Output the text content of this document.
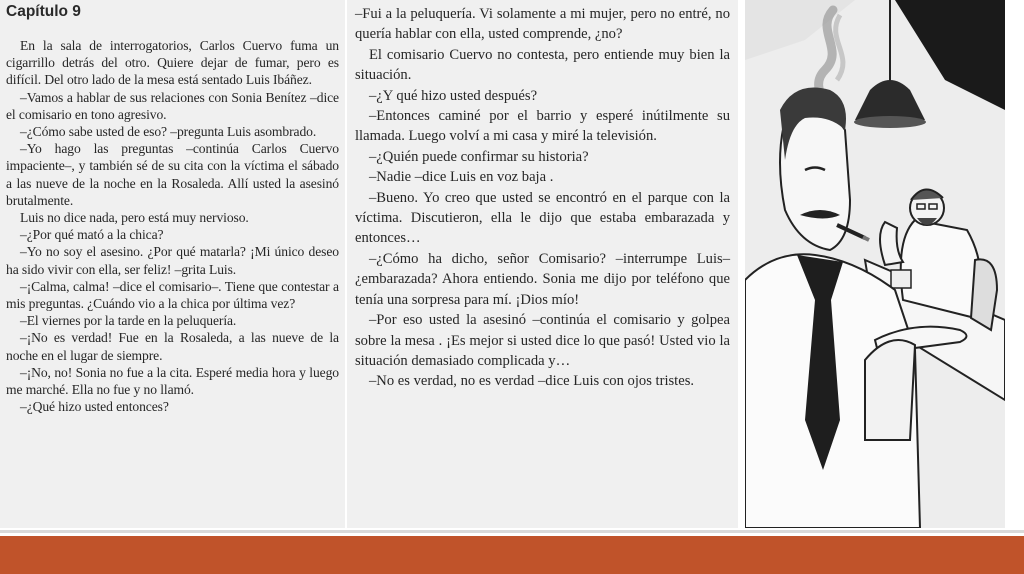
Capítulo 9

En la sala de interrogatorios, Carlos Cuervo fuma un cigarrillo detrás del otro. Quiere dejar de fumar, pero es difícil. Del otro lado de la mesa está sentado Luis Ibáñez.

–Vamos a hablar de sus relaciones con Sonia Benítez –dice el comisario en tono agresivo.

–¿Cómo sabe usted de eso? –pregunta Luis asombrado.

–Yo hago las preguntas –continúa Carlos Cuervo impaciente–, y también sé de su cita con la víctima el sábado a las nueve de la noche en la Rosaleda. Allí usted la asesinó brutalmente.

Luis no dice nada, pero está muy nervioso.

–¿Por qué mató a la chica?

–Yo no soy el asesino. ¿Por qué matarla? ¡Mi único deseo ha sido vivir con ella, ser feliz! –grita Luis.

–¡Calma, calma! –dice el comisario–. Tiene que contestar a mis preguntas. ¿Cuándo vio a la chica por última vez?

–El viernes por la tarde en la peluquería.

–¡No es verdad! Fue en la Rosaleda, a las nueve de la noche en el lugar de siempre.

–¡No, no! Sonia no fue a la cita. Esperé media hora y luego me marché. Ella no fue y no llamó.

–¿Qué hizo usted entonces?

–Fui a la peluquería. Vi solamente a mi mujer, pero no entré, no quería hablar con ella, usted comprende, ¿no?

El comisario Cuervo no contesta, pero entiende muy bien la situación.

–¿Y qué hizo usted después?

–Entonces caminé por el barrio y esperé inútilmente su llamada. Luego volví a mi casa y miré la televisión.

–¿Quién puede confirmar su historia?

–Nadie –dice Luis en voz baja .

–Bueno. Yo creo que usted se encontró en el parque con la víctima. Discutieron, ella le dijo que estaba embarazada y entonces…

–¿Cómo ha dicho, señor Comisario? –interrumpe Luis– ¿embarazada? Ahora entiendo. Sonia me dijo por teléfono que tenía una sorpresa para mí. ¡Dios mío!

–Por eso usted la asesinó –continúa el comisario y golpea sobre la mesa . ¡Es mejor si usted dice lo que pasó! Usted vio la situación demasiado complicada y…

–No es verdad, no es verdad –dice Luis con ojos tristes.
